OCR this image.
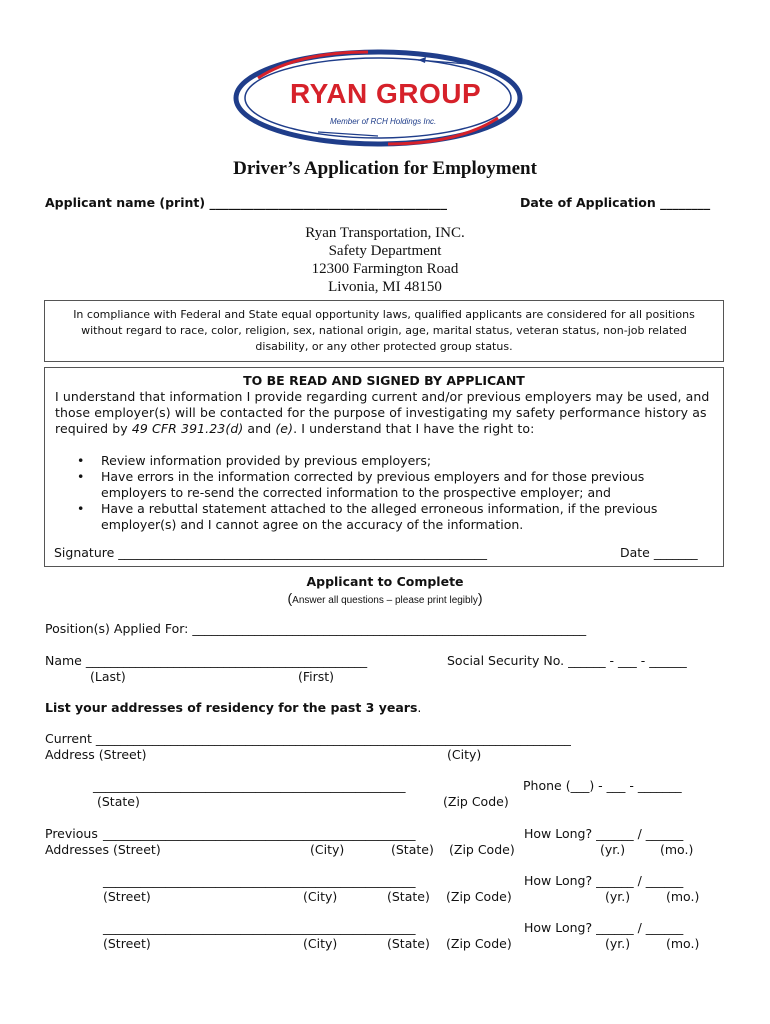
RYAN GROUP
Member of RCH Holdings Inc.
Driver’s Application for Employment
Applicant name (print) ______________________________________	Date of Application ________
Ryan Transportation, INC.
Safety Department
12300 Farmington Road
Livonia, MI 48150
In compliance with Federal and State equal opportunity laws, qualified applicants are considered for all positions without regard to race, color, religion, sex, national origin, age, marital status, veteran status, non-job related disability, or any other protected group status.
TO BE READ AND SIGNED BY APPLICANT
I understand that information I provide regarding current and/or previous employers may be used, and those employer(s) will be contacted for the purpose of investigating my safety performance history as required by 49 CFR 391.23(d) and (e). I understand that I have the right to:
• Review information provided by previous employers;
• Have errors in the information corrected by previous employers and for those previous employers to re-send the corrected information to the prospective employer; and
• Have a rebuttal statement attached to the alleged erroneous information, if the previous employer(s) and I cannot agree on the accuracy of the information.
Signature ___________________________________________________________	Date _______
Applicant to Complete
(Answer all questions – please print legibly)
Position(s) Applied For: _______________________________________________________________
Name _____________________________________________	Social Security No. ______ - ___ - ______
(Last)	(First)
List your addresses of residency for the past 3 years.
Current ____________________________________________________________________________
Address (Street)	(City)
__________________________________________________	Phone (___) - ___ - _______
(State)	(Zip Code)
Previous __________________________________________________	How Long? ______ / ______
Addresses (Street)	(City)	(State) (Zip Code)	(yr.)	(mo.)
__________________________________________________	How Long? ______ / ______
(Street)	(City)	(State) (Zip Code)	(yr.)	(mo.)
__________________________________________________	How Long? ______ / ______
(Street)	(City)	(State) (Zip Code)	(yr.)	(mo.)
